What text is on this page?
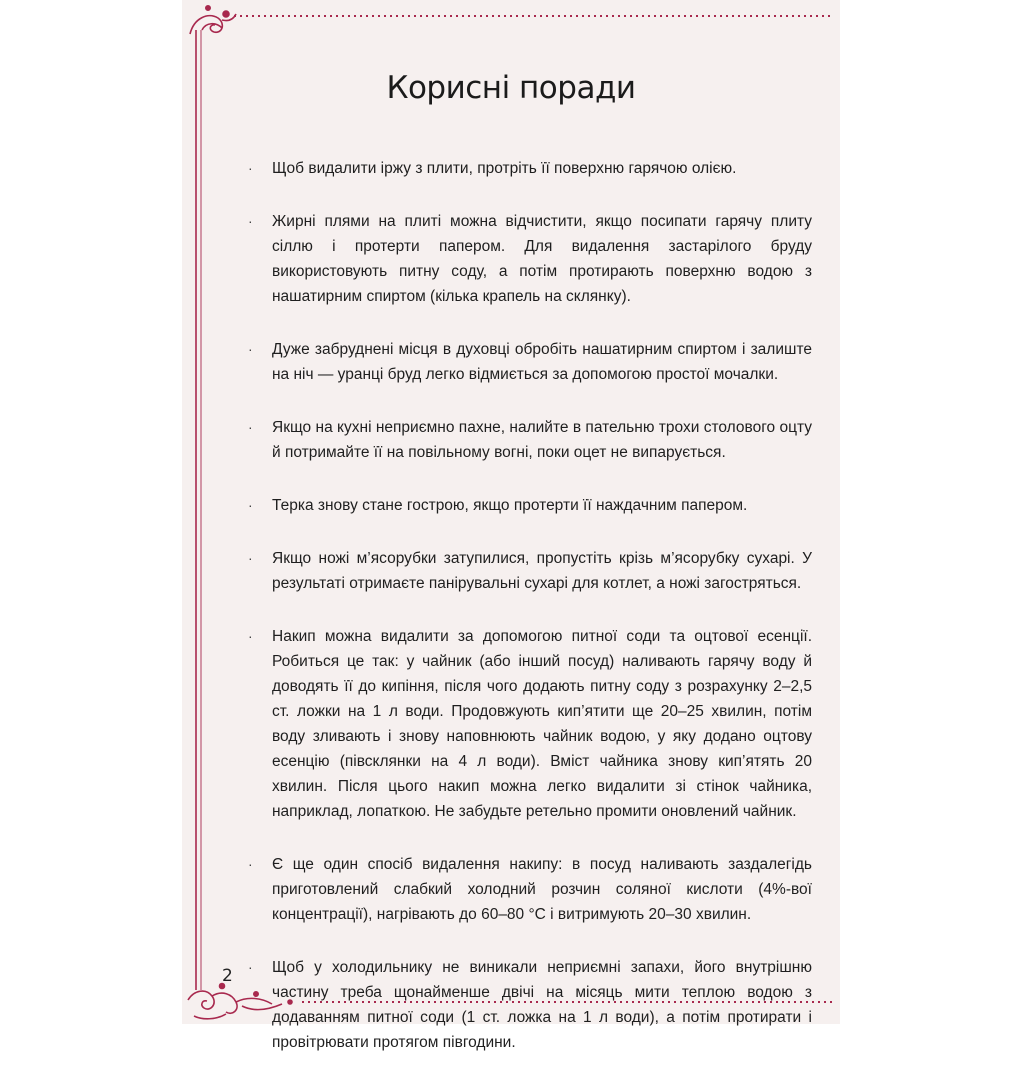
Корисні поради
· Щоб видалити іржу з плити, протріть її поверхню гарячою олією.
· Жирні плями на плиті можна відчистити, якщо посипати гарячу плиту сіллю і протерти папером. Для видалення застарілого бруду використовують питну соду, а потім протирають поверхню водою з нашатирним спиртом (кілька крапель на склянку).
· Дуже забруднені місця в духовці обробіть нашатирним спиртом і залиште на ніч — уранці бруд легко відмиється за допомогою простої мочалки.
· Якщо на кухні неприємно пахне, налийте в пательню трохи столового оцту й потримайте її на повільному вогні, поки оцет не випарується.
· Терка знову стане гострою, якщо протерти її наждачним папером.
· Якщо ножі м’ясорубки затупилися, пропустіть крізь м’ясорубку сухарі. У результаті отримаєте панірувальні сухарі для котлет, а ножі загостряться.
· Накип можна видалити за допомогою питної соди та оцтової есенції. Робиться це так: у чайник (або інший посуд) наливають гарячу воду й доводять її до кипіння, після чого додають питну соду з розрахунку 2–2,5 ст. ложки на 1 л води. Продовжують кип’ятити ще 20–25 хвилин, потім воду зливають і знову наповнюють чайник водою, у яку додано оцтову есенцію (півсклянки на 4 л води). Вміст чайника знову кип’ятять 20 хвилин. Після цього накип можна легко видалити зі стінок чайника, наприклад, лопаткою. Не забудьте ретельно промити оновлений чайник.
· Є ще один спосіб видалення накипу: в посуд наливають заздалегідь приготовлений слабкий холодний розчин соляної кислоти (4%-вої концентрації), нагрівають до 60–80 °С і витримують 20–30 хвилин.
· Щоб у холодильнику не виникали неприємні запахи, його внутрішню частину треба щонайменше двічі на місяць мити теплою водою з додаванням питної соди (1 ст. ложка на 1 л води), а потім протирати і провітрювати протягом півгодини.
2
